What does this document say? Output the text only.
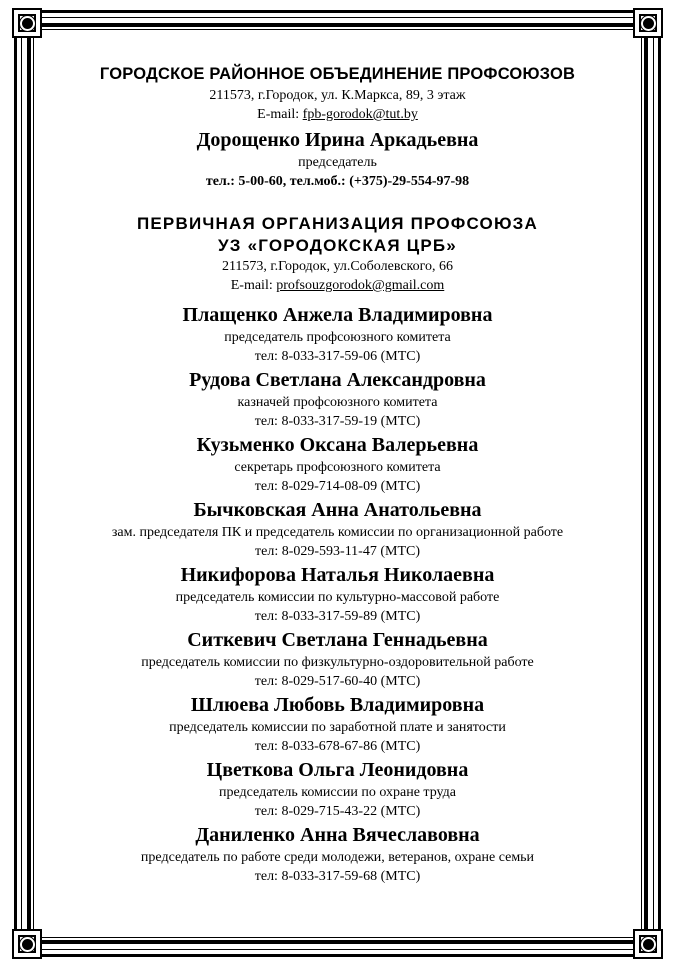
ГОРОДСКОЕ РАЙОННОЕ ОБЪЕДИНЕНИЕ ПРОФСОЮЗОВ

211573, г.Городок, ул. К.Маркса, 89, 3 этаж

E-mail: fpb-gorodok@tut.by

Дорощенко Ирина Аркадьевна

председатель

тел.: 5-00-60, тел.моб.: (+375)-29-554-97-98

ПЕРВИЧНАЯ ОРГАНИЗАЦИЯ ПРОФСОЮЗА

УЗ «ГОРОДОКСКАЯ ЦРБ»

211573, г.Городок, ул.Соболевского, 66

E-mail: profsouzgorodok@gmail.com

Плащенко Анжела Владимировна

председатель профсоюзного комитета

тел: 8-033-317-59-06 (МТС)

Рудова Светлана Александровна

казначей профсоюзного комитета

тел: 8-033-317-59-19 (МТС)

Кузьменко Оксана Валерьевна

секретарь профсоюзного комитета

тел: 8-029-714-08-09 (МТС)

Бычковская Анна Анатольевна

зам. председателя ПК и председатель комиссии по организационной работе

тел: 8-029-593-11-47 (МТС)

Никифорова Наталья Николаевна

председатель комиссии по культурно-массовой работе

тел: 8-033-317-59-89 (МТС)

Ситкевич Светлана Геннадьевна

председатель комиссии по физкультурно-оздоровительной работе

тел: 8-029-517-60-40 (МТС)

Шлюева Любовь Владимировна

председатель комиссии по заработной плате и занятости

тел: 8-033-678-67-86 (МТС)

Цветкова Ольга Леонидовна

председатель комиссии по охране труда

тел: 8-029-715-43-22 (МТС)

Даниленко Анна Вячеславовна

председатель по работе среди молодежи, ветеранов, охране семьи

тел: 8-033-317-59-68 (МТС)
